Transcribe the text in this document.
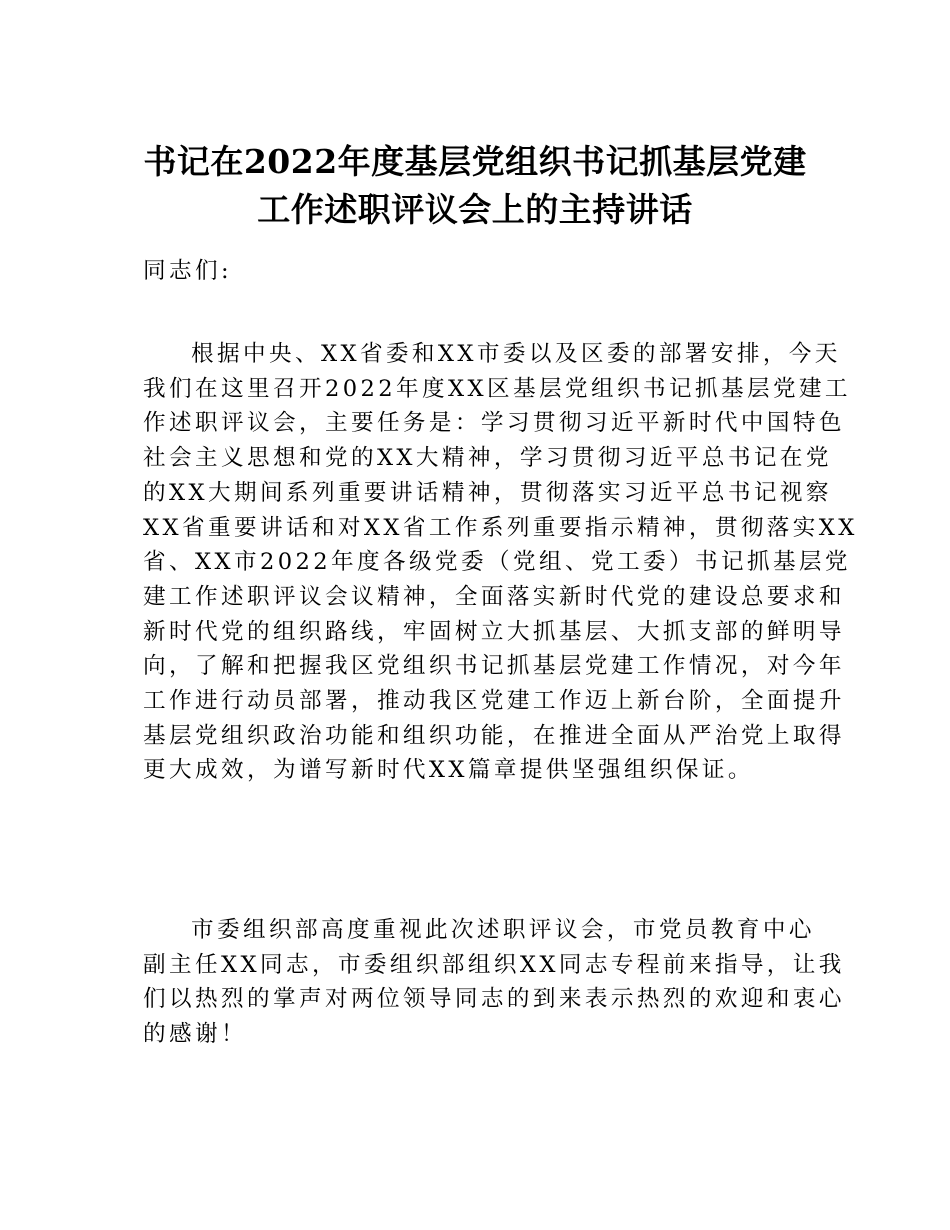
书记在2022年度基层党组织书记抓基层党建
工作述职评议会上的主持讲话

同志们:

根据中央、XX省委和XX市委以及区委的部署安排，今天
我们在这里召开2022年度XX区基层党组织书记抓基层党建工
作述职评议会，主要任务是：学习贯彻习近平新时代中国特色
社会主义思想和党的XX大精神，学习贯彻习近平总书记在党
的XX大期间系列重要讲话精神，贯彻落实习近平总书记视察
XX省重要讲话和对XX省工作系列重要指示精神，贯彻落实XX
省、XX市2022年度各级党委（党组、党工委）书记抓基层党
建工作述职评议会议精神，全面落实新时代党的建设总要求和
新时代党的组织路线，牢固树立大抓基层、大抓支部的鲜明导
向，了解和把握我区党组织书记抓基层党建工作情况，对今年
工作进行动员部署，推动我区党建工作迈上新台阶，全面提升
基层党组织政治功能和组织功能，在推进全面从严治党上取得
更大成效，为谱写新时代XX篇章提供坚强组织保证。

市委组织部高度重视此次述职评议会，市党员教育中心
副主任XX同志，市委组织部组织XX同志专程前来指导，让我
们以热烈的掌声对两位领导同志的到来表示热烈的欢迎和衷心
的感谢！
